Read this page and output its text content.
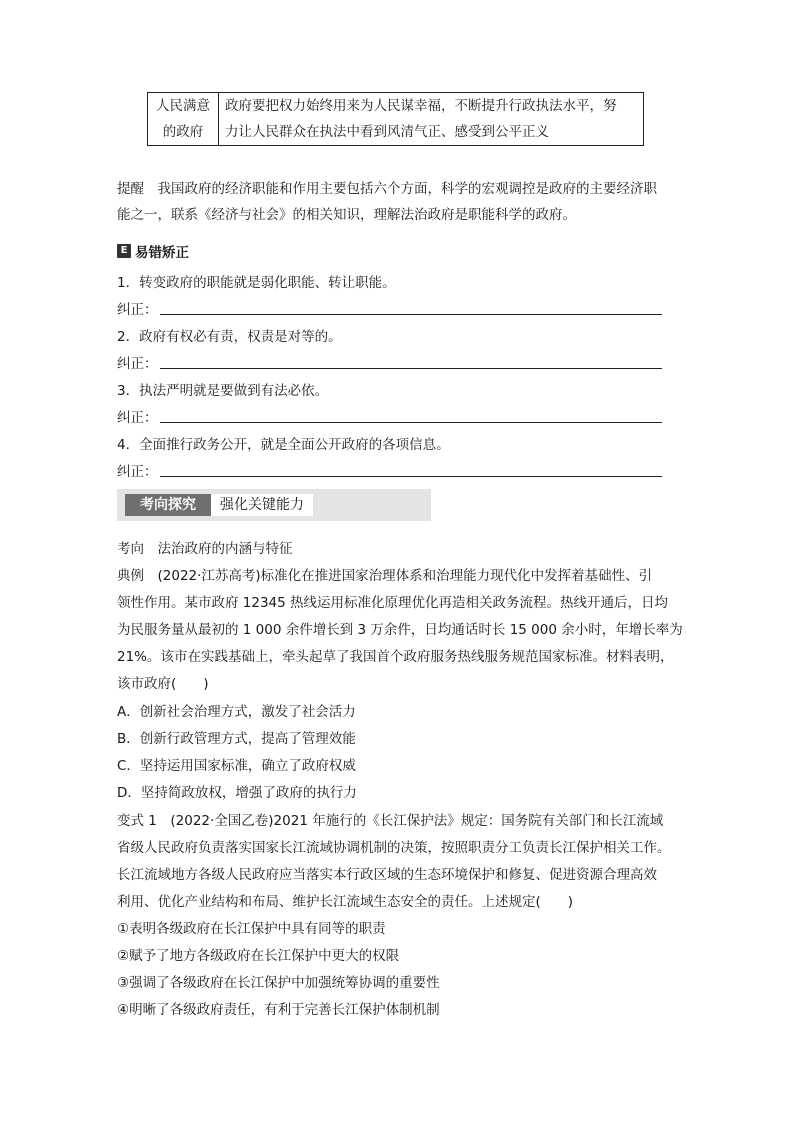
人民满意
的政府

政府要把权力始终用来为人民谋幸福，不断提升行政执法水平，努
力让人民群众在执法中看到风清气正、感受到公平正义
提醒　我国政府的经济职能和作用主要包括六个方面，科学的宏观调控是政府的主要经济职
能之一，联系《经济与社会》的相关知识，理解法治政府是职能科学的政府。
E 易错矫正
1．转变政府的职能就是弱化职能、转让职能。
纠正：
2．政府有权必有责，权责是对等的。
纠正：
3．执法严明就是要做到有法必依。
纠正：
4．全面推行政务公开，就是全面公开政府的各项信息。
纠正：
考向探究	强化关键能力
考向　法治政府的内涵与特征
典例　(2022·江苏高考)标准化在推进国家治理体系和治理能力现代化中发挥着基础性、引
领性作用。某市政府 12345 热线运用标准化原理优化再造相关政务流程。热线开通后，日均
为民服务量从最初的 1 000 余件增长到 3 万余件，日均通话时长 15 000 余小时，年增长率为
21%。该市在实践基础上，牵头起草了我国首个政府服务热线服务规范国家标准。材料表明，
该市政府(　　)
A．创新社会治理方式，激发了社会活力
B．创新行政管理方式，提高了管理效能
C．坚持运用国家标准，确立了政府权威
D．坚持简政放权，增强了政府的执行力
变式 1　(2022·全国乙卷)2021 年施行的《长江保护法》规定：国务院有关部门和长江流域
省级人民政府负责落实国家长江流域协调机制的决策，按照职责分工负责长江保护相关工作。
长江流域地方各级人民政府应当落实本行政区域的生态环境保护和修复、促进资源合理高效
利用、优化产业结构和布局、维护长江流域生态安全的责任。上述规定(　　)
①表明各级政府在长江保护中具有同等的职责
②赋予了地方各级政府在长江保护中更大的权限
③强调了各级政府在长江保护中加强统筹协调的重要性
④明晰了各级政府责任，有利于完善长江保护体制机制
